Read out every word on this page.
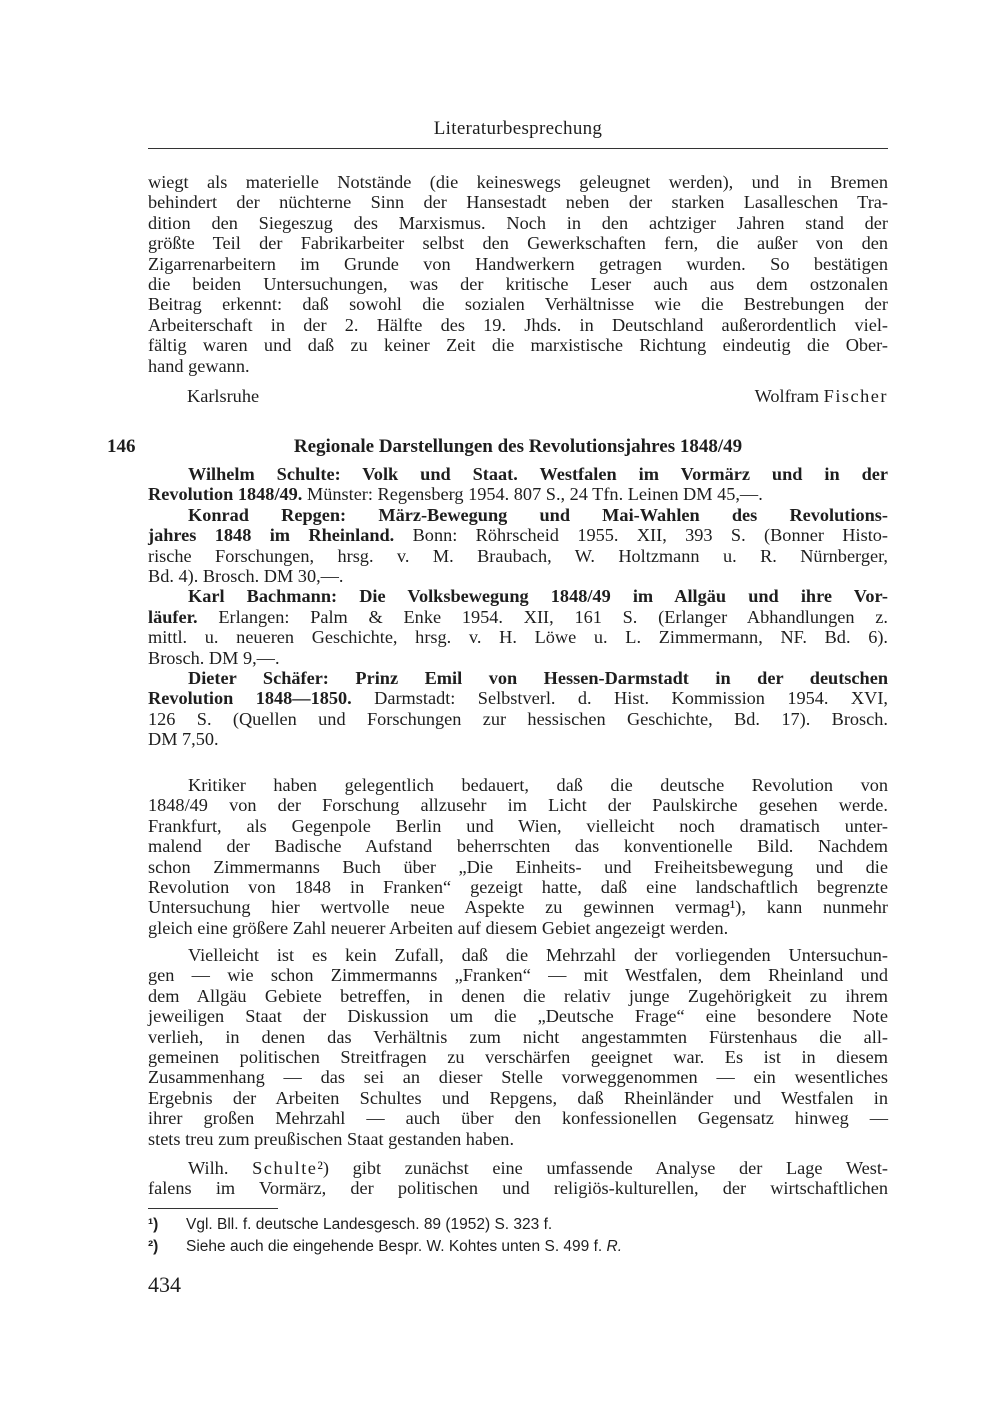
Literaturbesprechung
wiegt als materielle Notstände (die keineswegs geleugnet werden), und in Bremen
behindert der nüchterne Sinn der Hansestadt neben der starken Lasalleschen Tra-
dition den Siegeszug des Marxismus. Noch in den achtziger Jahren stand der
größte Teil der Fabrikarbeiter selbst den Gewerkschaften fern, die außer von den
Zigarrenarbeitern im Grunde von Handwerkern getragen wurden. So bestätigen
die beiden Untersuchungen, was der kritische Leser auch aus dem ostzonalen
Beitrag erkennt: daß sowohl die sozialen Verhältnisse wie die Bestrebungen der
Arbeiterschaft in der 2. Hälfte des 19. Jhds. in Deutschland außerordentlich viel-
fältig waren und daß zu keiner Zeit die marxistische Richtung eindeutig die Ober-
hand gewann.
Karlsruhe	Wolfram Fischer
146	Regionale Darstellungen des Revolutionsjahres 1848/49
Wilhelm Schulte: Volk und Staat. Westfalen im Vormärz und in der
Revolution 1848/49. Münster: Regensberg 1954. 807 S., 24 Tfn. Leinen DM 45,—.
Konrad Repgen: März-Bewegung und Mai-Wahlen des Revolutions-
jahres 1848 im Rheinland. Bonn: Röhrscheid 1955. XII, 393 S. (Bonner Histo-
rische Forschungen, hrsg. v. M. Braubach, W. Holtzmann u. R. Nürnberger,
Bd. 4). Brosch. DM 30,—.
Karl Bachmann: Die Volksbewegung 1848/49 im Allgäu und ihre Vor-
läufer. Erlangen: Palm & Enke 1954. XII, 161 S. (Erlanger Abhandlungen z.
mittl. u. neueren Geschichte, hrsg. v. H. Löwe u. L. Zimmermann, NF. Bd. 6).
Brosch. DM 9,—.
Dieter Schäfer: Prinz Emil von Hessen-Darmstadt in der deutschen
Revolution 1848—1850. Darmstadt: Selbstverl. d. Hist. Kommission 1954. XVI,
126 S. (Quellen und Forschungen zur hessischen Geschichte, Bd. 17). Brosch.
DM 7,50.
Kritiker haben gelegentlich bedauert, daß die deutsche Revolution von
1848/49 von der Forschung allzusehr im Licht der Paulskirche gesehen werde.
Frankfurt, als Gegenpole Berlin und Wien, vielleicht noch dramatisch unter-
malend der Badische Aufstand beherrschten das konventionelle Bild. Nachdem
schon Zimmermanns Buch über „Die Einheits- und Freiheitsbewegung und die
Revolution von 1848 in Franken“ gezeigt hatte, daß eine landschaftlich begrenzte
Untersuchung hier wertvolle neue Aspekte zu gewinnen vermag¹), kann nunmehr
gleich eine größere Zahl neuerer Arbeiten auf diesem Gebiet angezeigt werden.
Vielleicht ist es kein Zufall, daß die Mehrzahl der vorliegenden Untersuchun-
gen — wie schon Zimmermanns „Franken“ — mit Westfalen, dem Rheinland und
dem Allgäu Gebiete betreffen, in denen die relativ junge Zugehörigkeit zu ihrem
jeweiligen Staat der Diskussion um die „Deutsche Frage“ eine besondere Note
verlieh, in denen das Verhältnis zum nicht angestammten Fürstenhaus die all-
gemeinen politischen Streitfragen zu verschärfen geeignet war. Es ist in diesem
Zusammenhang — das sei an dieser Stelle vorweggenommen — ein wesentliches
Ergebnis der Arbeiten Schultes und Repgens, daß Rheinländer und Westfalen in
ihrer großen Mehrzahl — auch über den konfessionellen Gegensatz hinweg —
stets treu zum preußischen Staat gestanden haben.
Wilh. Schulte²) gibt zunächst eine umfassende Analyse der Lage West-
falens im Vormärz, der politischen und religiös-kulturellen, der wirtschaftlichen
¹) Vgl. Bll. f. deutsche Landesgesch. 89 (1952) S. 323 f.
²) Siehe auch die eingehende Bespr. W. Kohtes unten S. 499 f. R.
434
